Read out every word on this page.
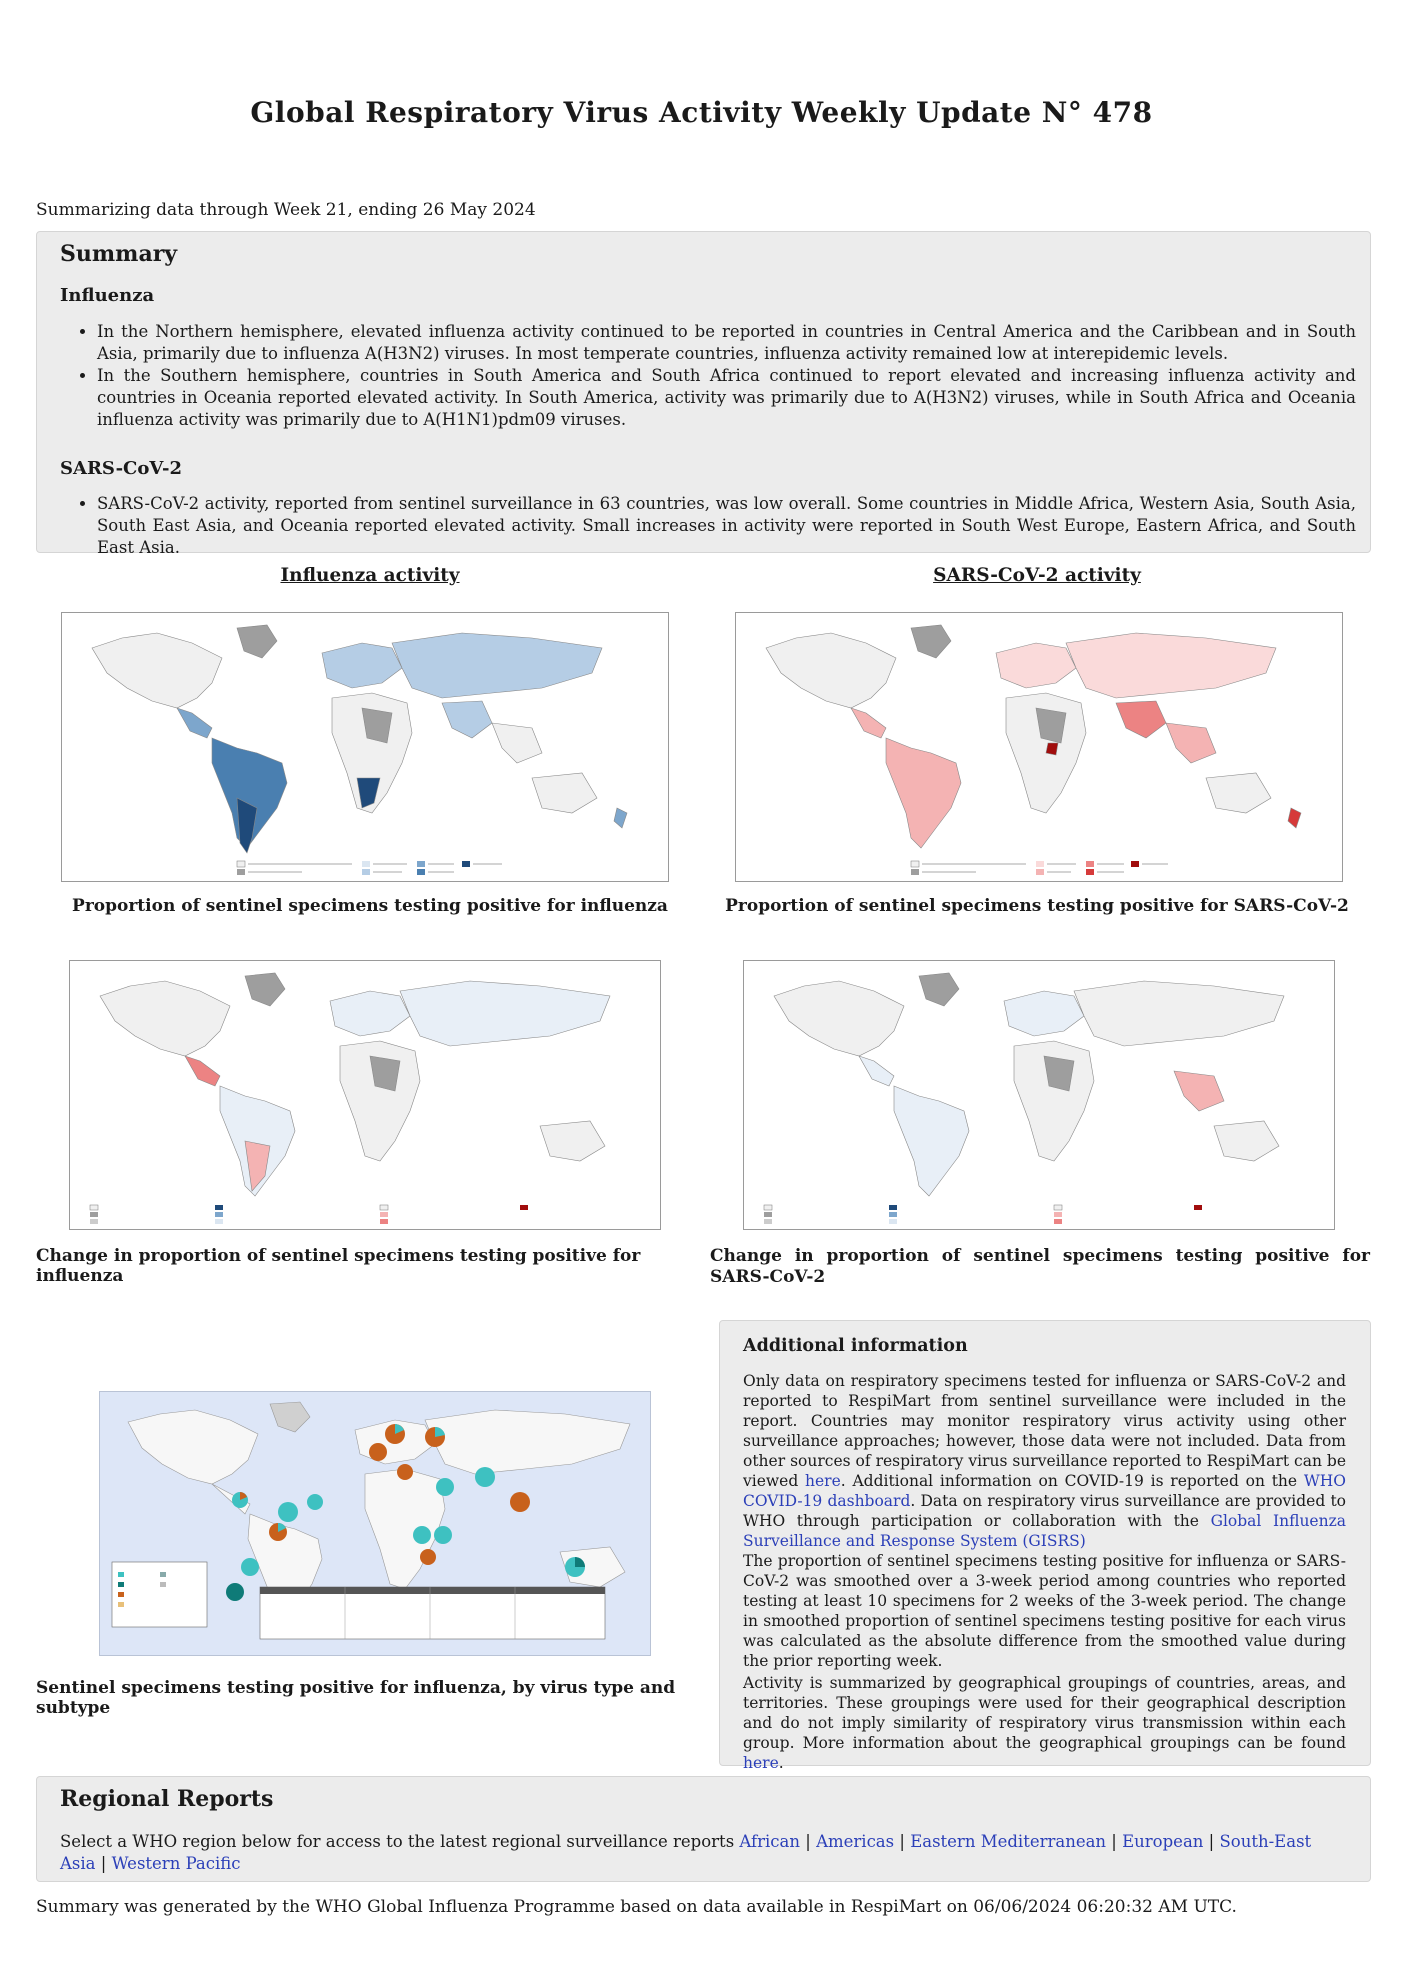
Global Respiratory Virus Activity Weekly Update N° 478
Summarizing data through Week 21, ending 26 May 2024
Summary
Influenza
• In the Northern hemisphere, elevated influenza activity continued to be reported in countries in Central America and the Caribbean and in South Asia, primarily due to influenza A(H3N2) viruses. In most temperate countries, influenza activity remained low at interepidemic levels.
• In the Southern hemisphere, countries in South America and South Africa continued to report elevated and increasing influenza activity and countries in Oceania reported elevated activity. In South America, activity was primarily due to A(H3N2) viruses, while in South Africa and Oceania influenza activity was primarily due to A(H1N1)pdm09 viruses.
SARS-CoV-2
• SARS-CoV-2 activity, reported from sentinel surveillance in 63 countries, was low overall. Some countries in Middle Africa, Western Asia, South Asia, South East Asia, and Oceania reported elevated activity. Small increases in activity were reported in South West Europe, Eastern Africa, and South East Asia.
Influenza activity	SARS-CoV-2 activity
Proportion of sentinel specimens testing positive for influenza	Proportion of sentinel specimens testing positive for SARS-CoV-2
Change in proportion of sentinel specimens testing positive for influenza
Change in proportion of sentinel specimens testing positive for SARS-CoV-2
Sentinel specimens testing positive for influenza, by virus type and subtype
Additional information
Only data on respiratory specimens tested for influenza or SARS-CoV-2 and reported to RespiMart from sentinel surveillance were included in the report. Countries may monitor respiratory virus activity using other surveillance approaches; however, those data were not included. Data from other sources of respiratory virus surveillance reported to RespiMart can be viewed here. Additional information on COVID-19 is reported on the WHO COVID-19 dashboard. Data on respiratory virus surveillance are provided to WHO through participation or collaboration with the Global Influenza Surveillance and Response System (GISRS)
The proportion of sentinel specimens testing positive for influenza or SARS-CoV-2 was smoothed over a 3-week period among countries who reported testing at least 10 specimens for 2 weeks of the 3-week period. The change in smoothed proportion of sentinel specimens testing positive for each virus was calculated as the absolute difference from the smoothed value during the prior reporting week.
Activity is summarized by geographical groupings of countries, areas, and territories. These groupings were used for their geographical description and do not imply similarity of respiratory virus transmission within each group. More information about the geographical groupings can be found here.
Regional Reports
Select a WHO region below for access to the latest regional surveillance reports African | Americas | Eastern Mediterranean | European | South-East Asia | Western Pacific
Summary was generated by the WHO Global Influenza Programme based on data available in RespiMart on 06/06/2024 06:20:32 AM UTC.
